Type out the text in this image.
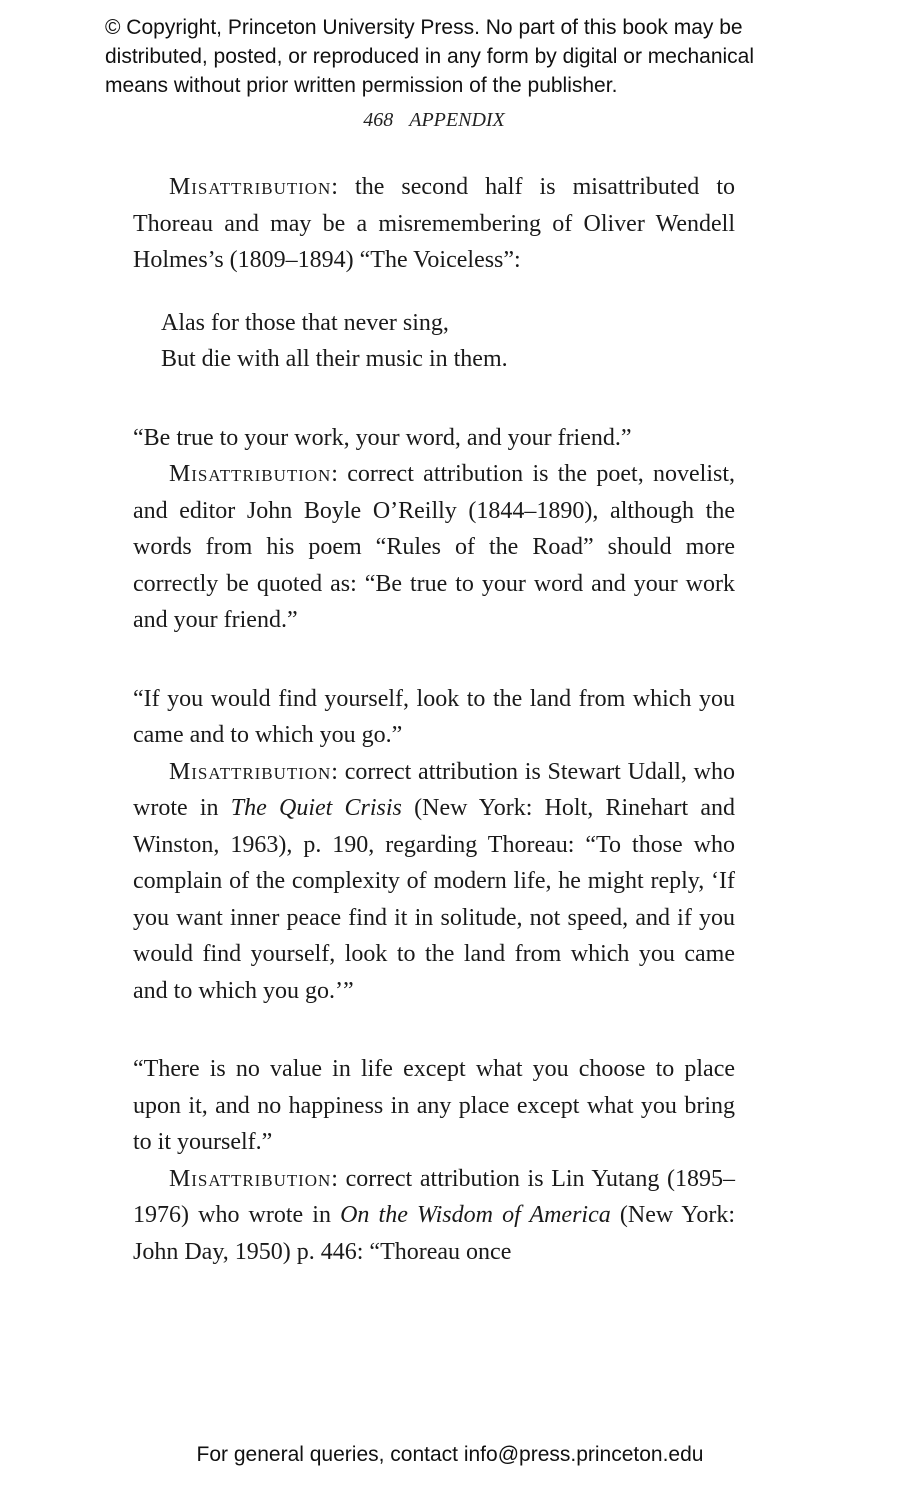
© Copyright, Princeton University Press. No part of this book may be
distributed, posted, or reproduced in any form by digital or mechanical
means without prior written permission of the publisher.
468 APPENDIX

Misattribution: the second half is misattributed to Thoreau and may be a misremembering of Oliver Wendell Holmes’s (1809–1894) “The Voiceless”:

Alas for those that never sing,
But die with all their music in them.

“Be true to your work, your word, and your friend.”

Misattribution: correct attribution is the poet, novelist, and editor John Boyle O’Reilly (1844–1890), although the words from his poem “Rules of the Road” should more correctly be quoted as: “Be true to your word and your work and your friend.”

“If you would find yourself, look to the land from which you came and to which you go.”

Misattribution: correct attribution is Stewart Udall, who wrote in The Quiet Crisis (New York: Holt, Rinehart and Winston, 1963), p. 190, regarding Thoreau: “To those who complain of the complexity of modern life, he might reply, ‘If you want inner peace find it in solitude, not speed, and if you would find yourself, look to the land from which you came and to which you go.’”

“There is no value in life except what you choose to place upon it, and no happiness in any place except what you bring to it yourself.”

Misattribution: correct attribution is Lin Yutang (1895–1976) who wrote in On the Wisdom of America (New York: John Day, 1950) p. 446: “Thoreau once

For general queries, contact info@press.princeton.edu
